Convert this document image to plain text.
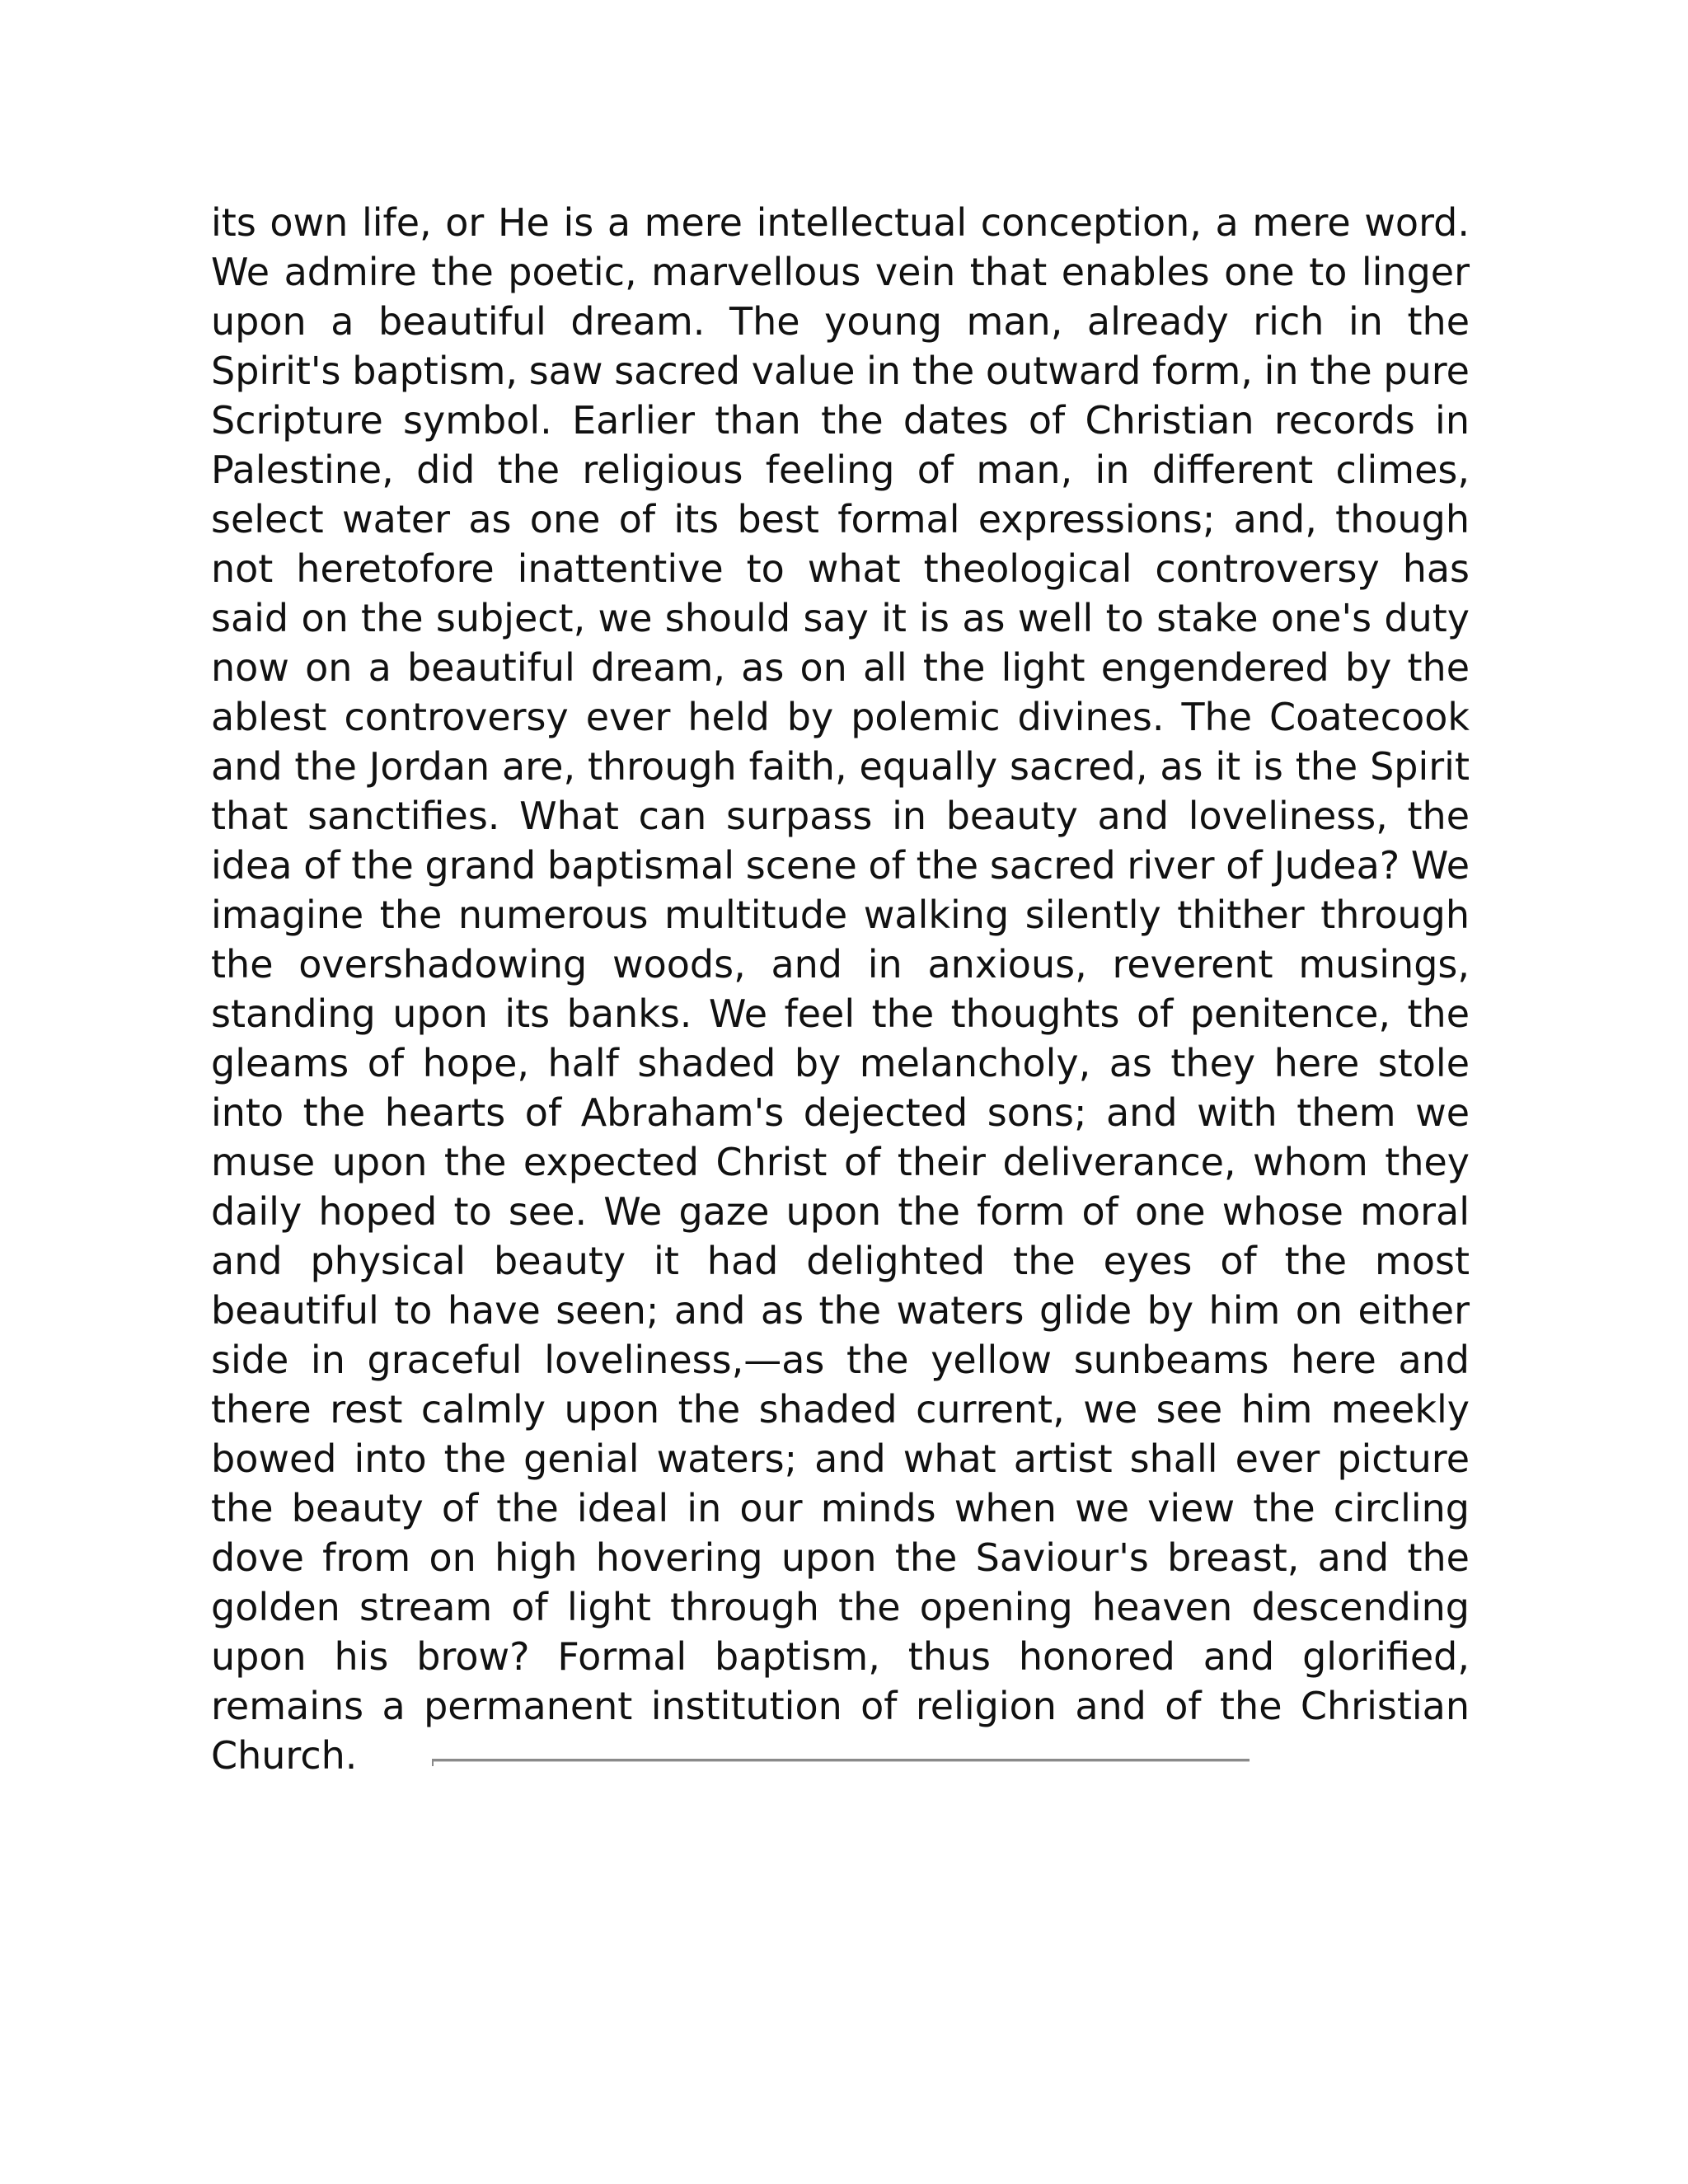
its own life, or He is a mere intellectual conception, a mere word. We admire the poetic, marvellous vein that enables one to linger upon a beautiful dream. The young man, already rich in the Spirit's baptism, saw sacred value in the outward form, in the pure Scripture symbol. Earlier than the dates of Christian records in Palestine, did the religious feeling of man, in different climes, select water as one of its best formal expressions; and, though not heretofore inattentive to what theological controversy has said on the subject, we should say it is as well to stake one's duty now on a beautiful dream, as on all the light engendered by the ablest controversy ever held by polemic divines. The Coatecook and the Jordan are, through faith, equally sacred, as it is the Spirit that sanctifies. What can surpass in beauty and loveliness, the idea of the grand baptismal scene of the sacred river of Judea? We imagine the numerous multitude walking silently thither through the overshadowing woods, and in anxious, reverent musings, standing upon its banks. We feel the thoughts of penitence, the gleams of hope, half shaded by melancholy, as they here stole into the hearts of Abraham's dejected sons; and with them we muse upon the expected Christ of their deliverance, whom they daily hoped to see. We gaze upon the form of one whose moral and physical beauty it had delighted the eyes of the most beautiful to have seen; and as the waters glide by him on either side in graceful loveliness,—as the yellow sunbeams here and there rest calmly upon the shaded current, we see him meekly bowed into the genial waters; and what artist shall ever picture the beauty of the ideal in our minds when we view the circling dove from on high hovering upon the Saviour's breast, and the golden stream of light through the opening heaven descending upon his brow? Formal baptism, thus honored and glorified, remains a permanent institution of religion and of the Christian Church.
